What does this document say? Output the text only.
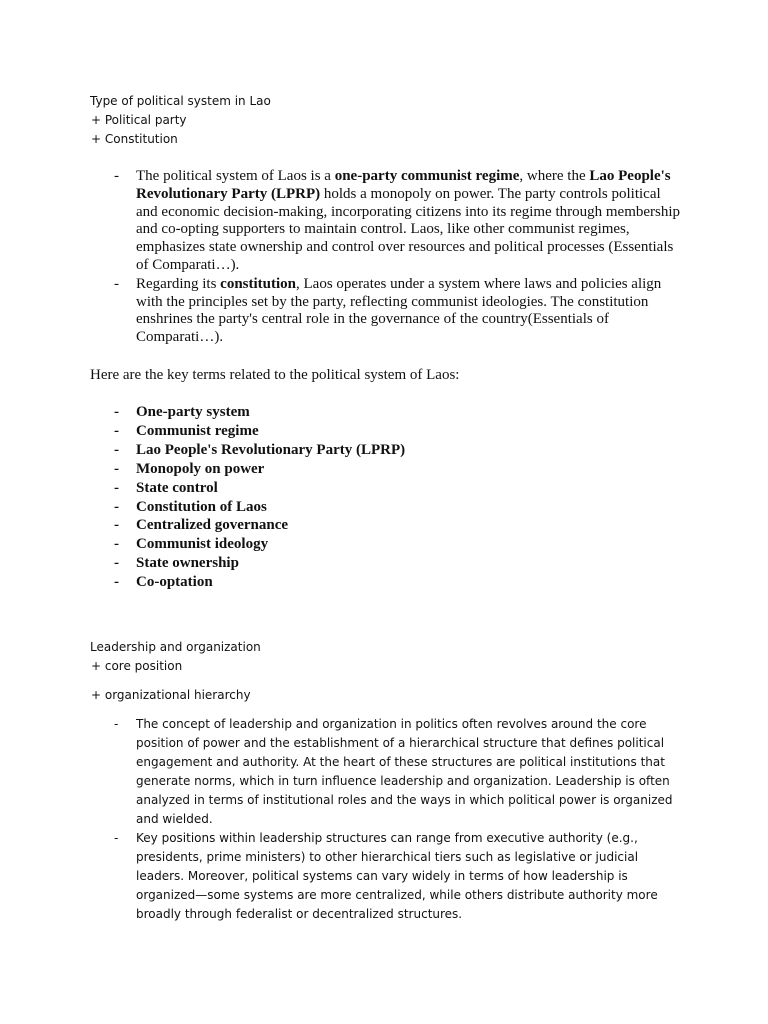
Type of political system in Lao
+ Political party
+ Constitution
- The political system of Laos is a one-party communist regime, where the Lao People's Revolutionary Party (LPRP) holds a monopoly on power. The party controls political and economic decision-making, incorporating citizens into its regime through membership and co-opting supporters to maintain control. Laos, like other communist regimes, emphasizes state ownership and control over resources and political processes (Essentials of Comparati…).
- Regarding its constitution, Laos operates under a system where laws and policies align with the principles set by the party, reflecting communist ideologies. The constitution enshrines the party's central role in the governance of the country(Essentials of Comparati…).
Here are the key terms related to the political system of Laos:
- One-party system
- Communist regime
- Lao People's Revolutionary Party (LPRP)
- Monopoly on power
- State control
- Constitution of Laos
- Centralized governance
- Communist ideology
- State ownership
- Co-optation
Leadership and organization
+ core position
+ organizational hierarchy
- The concept of leadership and organization in politics often revolves around the core position of power and the establishment of a hierarchical structure that defines political engagement and authority. At the heart of these structures are political institutions that generate norms, which in turn influence leadership and organization. Leadership is often analyzed in terms of institutional roles and the ways in which political power is organized and wielded.
- Key positions within leadership structures can range from executive authority (e.g., presidents, prime ministers) to other hierarchical tiers such as legislative or judicial leaders. Moreover, political systems can vary widely in terms of how leadership is organized—some systems are more centralized, while others distribute authority more broadly through federalist or decentralized structures.
